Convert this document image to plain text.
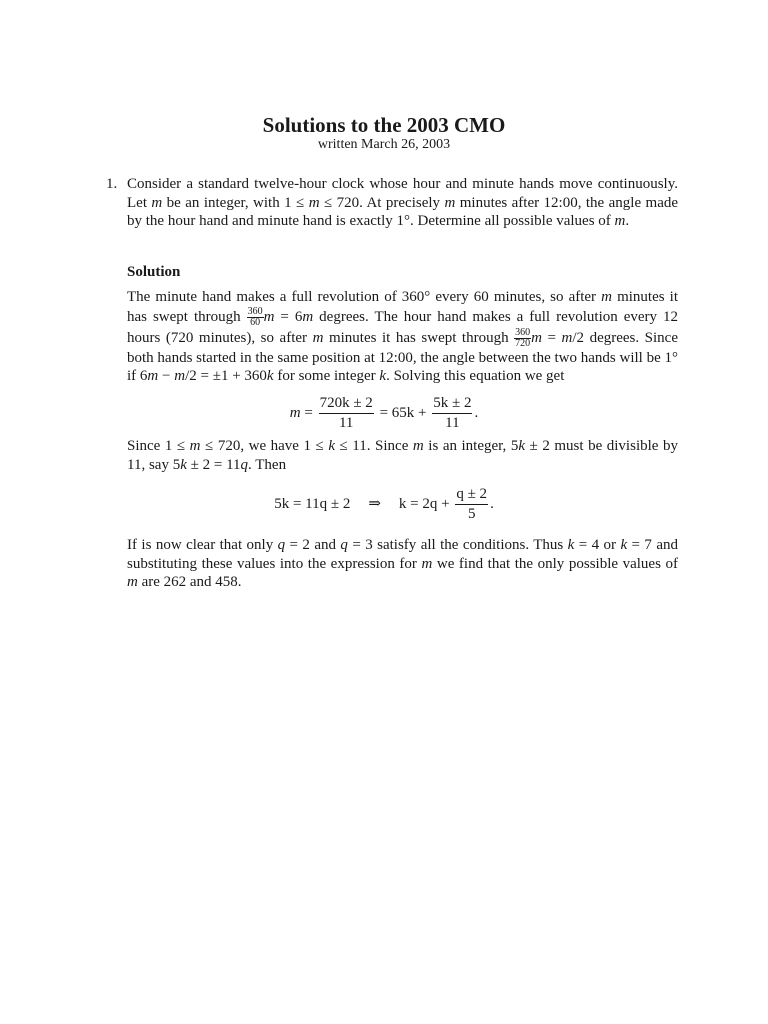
Solutions to the 2003 CMO
written March 26, 2003
1. Consider a standard twelve-hour clock whose hour and minute hands move continuously. Let m be an integer, with 1 ≤ m ≤ 720. At precisely m minutes after 12:00, the angle made by the hour hand and minute hand is exactly 1°. Determine all possible values of m.
Solution
The minute hand makes a full revolution of 360° every 60 minutes, so after m minutes it has swept through $\frac{360}{60}$ m = 6m degrees. The hour hand makes a full revolution every 12 hours (720 minutes), so after m minutes it has swept through $\frac{360}{720}$ m = m/2 degrees. Since both hands started in the same position at 12:00, the angle between the two hands will be 1° if 6m − m/2 = ±1 + 360k for some integer k. Solving this equation we get
$m = \frac{720k \pm 2}{11} = 65k + \frac{5k \pm 2}{11}$ .
Since 1 ≤ m ≤ 720, we have 1 ≤ k ≤ 11. Since m is an integer, 5k ± 2 must be divisible by 11, say 5k ± 2 = 11q. Then
5k = 11q ± 2 ⇒ $k = 2q + \frac{q \pm 2}{5}$ .
If is now clear that only q = 2 and q = 3 satisfy all the conditions. Thus k = 4 or k = 7 and substituting these values into the expression for m we find that the only possible values of m are 262 and 458.
